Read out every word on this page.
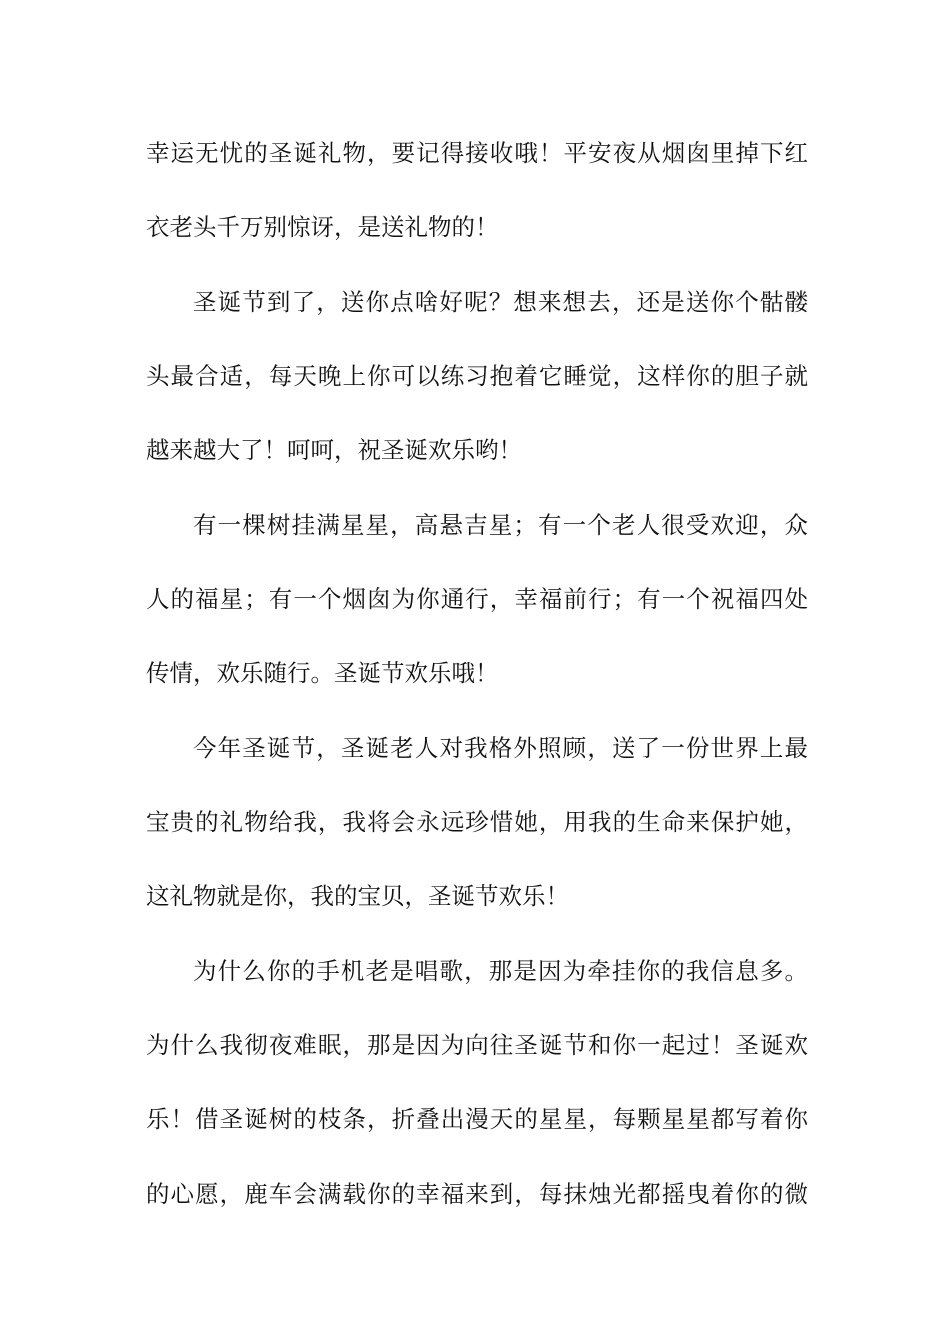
幸运无忧的圣诞礼物，要记得接收哦！平安夜从烟囱里掉下红
衣老头千万别惊讶，是送礼物的！
圣诞节到了，送你点啥好呢？想来想去，还是送你个骷髅
头最合适，每天晚上你可以练习抱着它睡觉，这样你的胆子就
越来越大了！呵呵，祝圣诞欢乐哟！
有一棵树挂满星星，高悬吉星；有一个老人很受欢迎，众
人的福星；有一个烟囱为你通行，幸福前行；有一个祝福四处
传情，欢乐随行。圣诞节欢乐哦！
今年圣诞节，圣诞老人对我格外照顾，送了一份世界上最
宝贵的礼物给我，我将会永远珍惜她，用我的生命来保护她，
这礼物就是你，我的宝贝，圣诞节欢乐！
为什么你的手机老是唱歌，那是因为牵挂你的我信息多。
为什么我彻夜难眠，那是因为向往圣诞节和你一起过！圣诞欢
乐！借圣诞树的枝条，折叠出漫天的星星，每颗星星都写着你
的心愿，鹿车会满载你的幸福来到，每抹烛光都摇曳着你的微
